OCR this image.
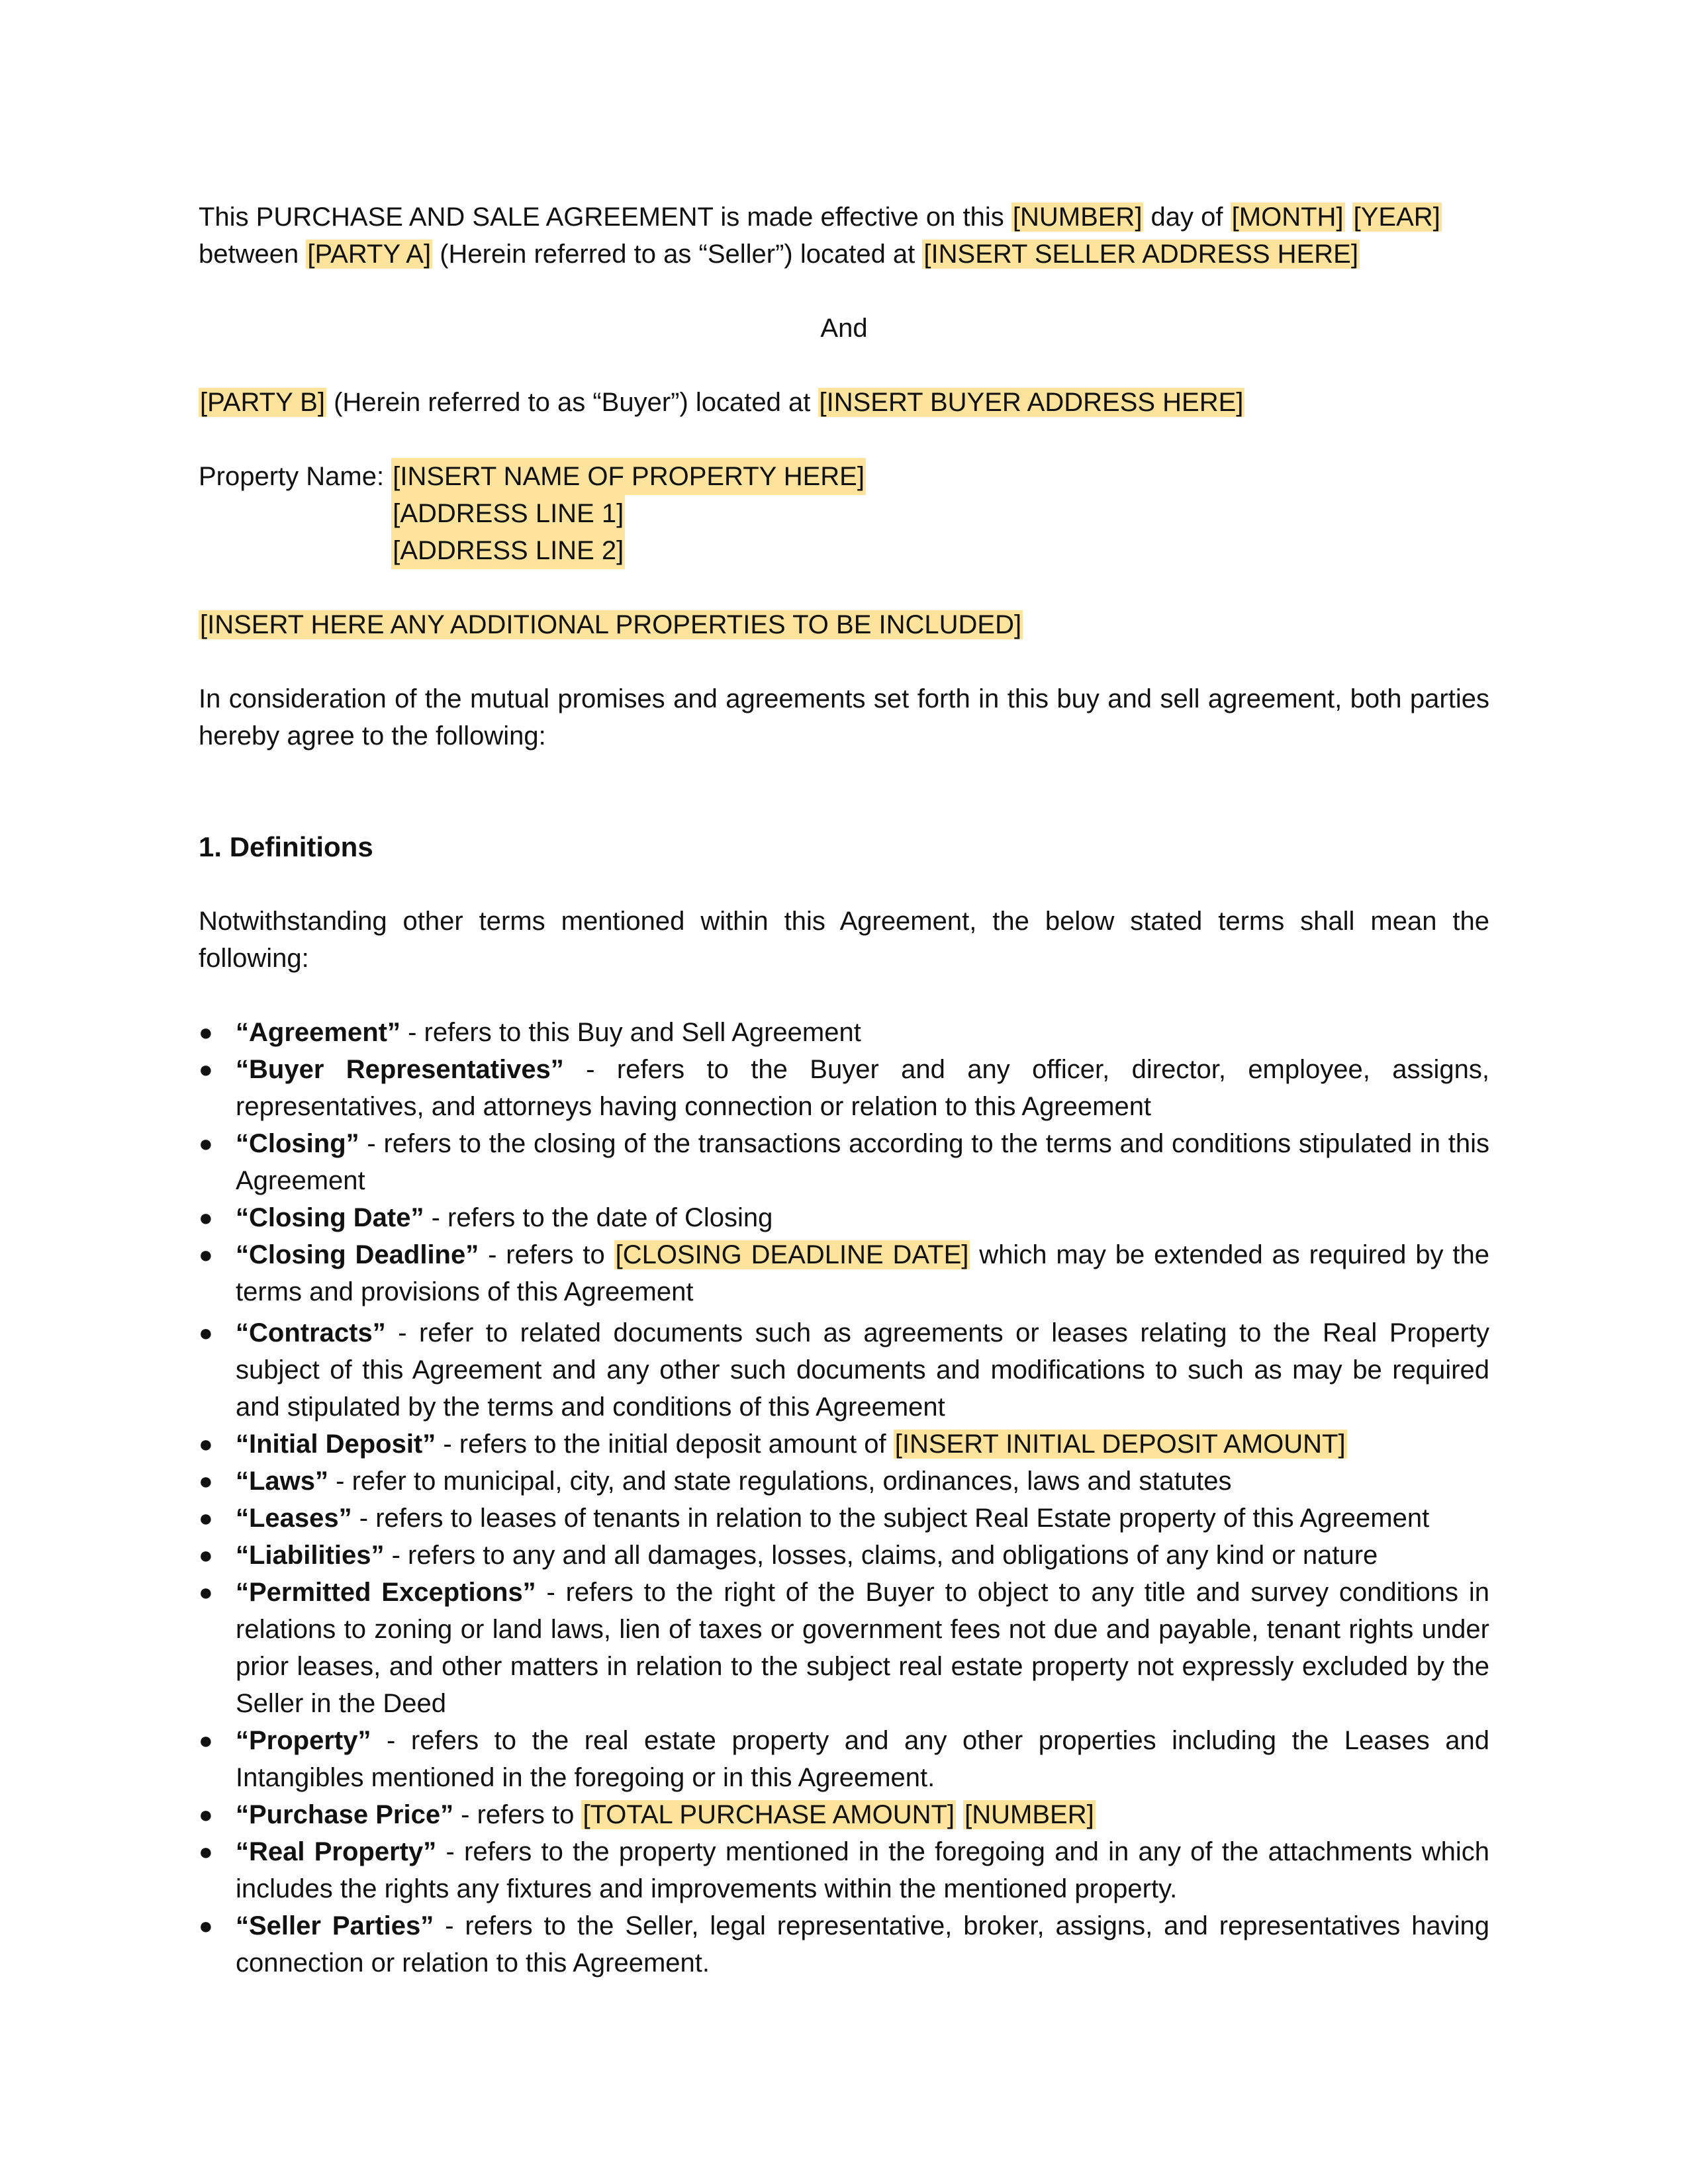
This PURCHASE AND SALE AGREEMENT is made effective on this [NUMBER] day of [MONTH] [YEAR]
between [PARTY A] (Herein referred to as “Seller”) located at [INSERT SELLER ADDRESS HERE]

And

[PARTY B] (Herein referred to as “Buyer”) located at [INSERT BUYER ADDRESS HERE]

Property Name: [INSERT NAME OF PROPERTY HERE]
[ADDRESS LINE 1]
[ADDRESS LINE 2]

[INSERT HERE ANY ADDITIONAL PROPERTIES TO BE INCLUDED]

In consideration of the mutual promises and agreements set forth in this buy and sell agreement, both parties hereby agree to the following:

1. Definitions

Notwithstanding other terms mentioned within this Agreement, the below stated terms shall mean the following:

● “Agreement” - refers to this Buy and Sell Agreement
● “Buyer Representatives” - refers to the Buyer and any officer, director, employee, assigns, representatives, and attorneys having connection or relation to this Agreement
● “Closing” - refers to the closing of the transactions according to the terms and conditions stipulated in this Agreement
● “Closing Date” - refers to the date of Closing
● “Closing Deadline” - refers to [CLOSING DEADLINE DATE] which may be extended as required by the terms and provisions of this Agreement
● “Contracts” - refer to related documents such as agreements or leases relating to the Real Property subject of this Agreement and any other such documents and modifications to such as may be required and stipulated by the terms and conditions of this Agreement
● “Initial Deposit” - refers to the initial deposit amount of [INSERT INITIAL DEPOSIT AMOUNT]
● “Laws” - refer to municipal, city, and state regulations, ordinances, laws and statutes
● “Leases” - refers to leases of tenants in relation to the subject Real Estate property of this Agreement
● “Liabilities” - refers to any and all damages, losses, claims, and obligations of any kind or nature
● “Permitted Exceptions” - refers to the right of the Buyer to object to any title and survey conditions in relations to zoning or land laws, lien of taxes or government fees not due and payable, tenant rights under prior leases, and other matters in relation to the subject real estate property not expressly excluded by the Seller in the Deed
● “Property” - refers to the real estate property and any other properties including the Leases and Intangibles mentioned in the foregoing or in this Agreement.
● “Purchase Price” - refers to [TOTAL PURCHASE AMOUNT] [NUMBER]
● “Real Property” - refers to the property mentioned in the foregoing and in any of the attachments which includes the rights any fixtures and improvements within the mentioned property.
● “Seller Parties” - refers to the Seller, legal representative, broker, assigns, and representatives having connection or relation to this Agreement.
